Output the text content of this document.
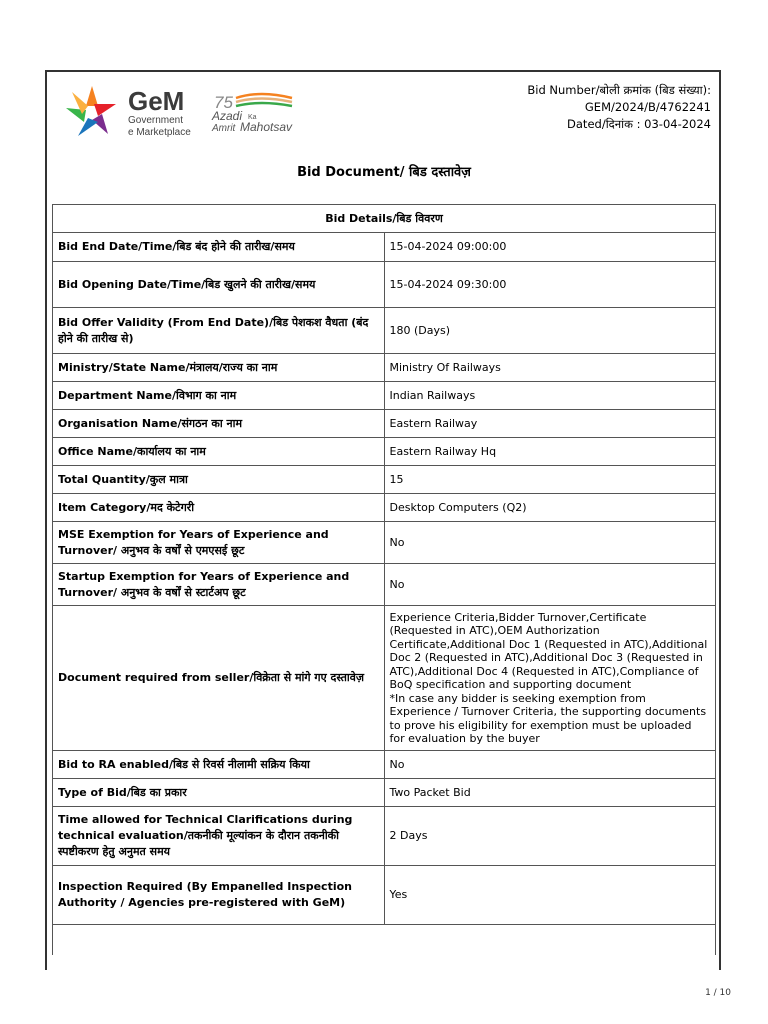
GeM
Government
e Marketplace
75
Azadi Ka
Amrit Mahotsav
Bid Number/बोली क्रमांक (बिड संख्या):
GEM/2024/B/4762241
Dated/दिनांक : 03-04-2024
Bid Document/ बिड दस्तावेज़
Bid Details/बिड विवरण	
Bid End Date/Time/बिड बंद होने की तारीख/समय	15-04-2024 09:00:00
Bid Opening Date/Time/बिड खुलने की तारीख/समय	15-04-2024 09:30:00
Bid Offer Validity (From End Date)/बिड पेशकश वैधता (बंद होने की तारीख से)	180 (Days)
Ministry/State Name/मंत्रालय/राज्य का नाम	Ministry Of Railways
Department Name/विभाग का नाम	Indian Railways
Organisation Name/संगठन का नाम	Eastern Railway
Office Name/कार्यालय का नाम	Eastern Railway Hq
Total Quantity/कुल मात्रा	15
Item Category/मद केटेगरी	Desktop Computers (Q2)
MSE Exemption for Years of Experience and Turnover/ अनुभव के वर्षों से एमएसई छूट	No
Startup Exemption for Years of Experience and Turnover/ अनुभव के वर्षों से स्टार्टअप छूट	No
Document required from seller/विक्रेता से मांगे गए दस्तावेज़	Experience Criteria,Bidder Turnover,Certificate (Requested in ATC),OEM Authorization Certificate,Additional Doc 1 (Requested in ATC),Additional Doc 2 (Requested in ATC),Additional Doc 3 (Requested in ATC),Additional Doc 4 (Requested in ATC),Compliance of BoQ specification and supporting document
*In case any bidder is seeking exemption from Experience / Turnover Criteria, the supporting documents to prove his eligibility for exemption must be uploaded for evaluation by the buyer
Bid to RA enabled/बिड से रिवर्स नीलामी सक्रिय किया	No
Type of Bid/बिड का प्रकार	Two Packet Bid
Time allowed for Technical Clarifications during technical evaluation/तकनीकी मूल्यांकन के दौरान तकनीकी स्पष्टीकरण हेतु अनुमत समय	2 Days
Inspection Required (By Empanelled Inspection Authority / Agencies pre-registered with GeM)	Yes

1 / 10
